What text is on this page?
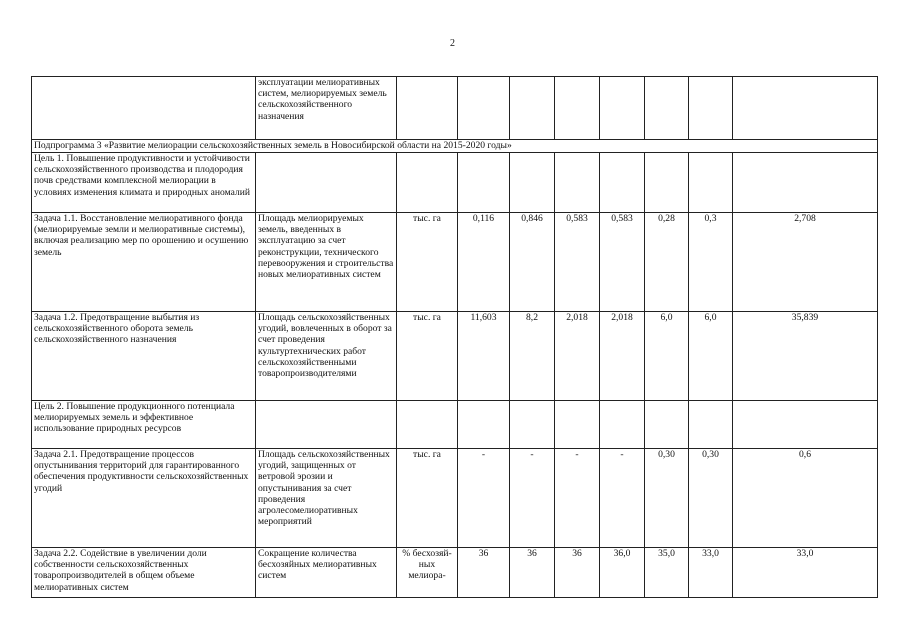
2
	эксплуатации мелиоративных систем, мелиорируемых земель сельскохозяйственного назначения								
Подпрограмма 3 «Развитие мелиорации сельскохозяйственных земель в Новосибирской области на 2015-2020 годы»									
Цель 1. Повышение продуктивности и устойчивости сельскохозяйственного производства и плодородия почв средствами комплексной мелиорации в условиях изменения климата и природных аномалий									
Задача 1.1. Восстановление мелиоративного фонда (мелиорируемые земли и мелиоративные системы), включая реализацию мер по орошению и осушению земель	Площадь мелиорируемых земель, введенных в эксплуатацию за счет реконструкции, технического перевооружения и строительства новых мелиоративных систем	тыс. га	0,116	0,846	0,583	0,583	0,28	0,3	2,708
Задача 1.2. Предотвращение выбытия из сельскохозяйственного оборота земель сельскохозяйственного назначения	Площадь сельскохозяйственных угодий, вовлеченных в оборот за счет проведения культуртехнических работ сельскохозяйственными товаропроизводителями	тыс. га	11,603	8,2	2,018	2,018	6,0	6,0	35,839
Цель 2. Повышение продукционного потенциала мелиорируемых земель и эффективное использование природных ресурсов									
Задача 2.1. Предотвращение процессов опустынивания территорий для гарантированного обеспечения продуктивности сельскохозяйственных угодий	Площадь сельскохозяйственных угодий, защищенных от ветровой эрозии и опустынивания за счет проведения агролесомелиоративных мероприятий	тыс. га	-	-	-	-	0,30	0,30	0,6
Задача 2.2. Содействие в увеличении доли собственности сельскохозяйственных товаропроизводителей в общем объеме мелиоративных систем	Сокращение количества бесхозяйных мелиоративных систем	% бесхозяй-ных мелиора-	36	36	36	36,0	35,0	33,0	33,0
